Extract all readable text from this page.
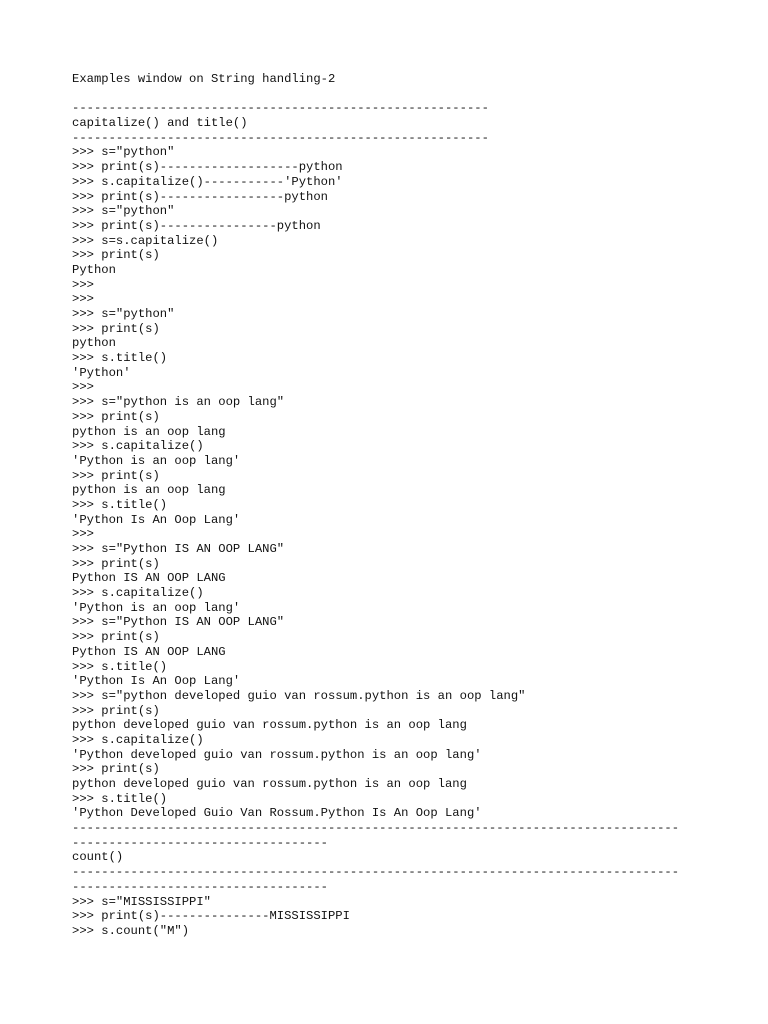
Examples window on String handling-2
---------------------------------------------------------
capitalize() and title()
---------------------------------------------------------
>>> s="python"
>>> print(s)-------------------python
>>> s.capitalize()-----------'Python'
>>> print(s)-----------------python
>>> s="python"
>>> print(s)----------------python
>>> s=s.capitalize()
>>> print(s)
Python
>>>
>>>
>>> s="python"
>>> print(s)
python
>>> s.title()
'Python'
>>>
>>> s="python is an oop lang"
>>> print(s)
python is an oop lang
>>> s.capitalize()
'Python is an oop lang'
>>> print(s)
python is an oop lang
>>> s.title()
'Python Is An Oop Lang'
>>>
>>> s="Python IS AN OOP LANG"
>>> print(s)
Python IS AN OOP LANG
>>> s.capitalize()
'Python is an oop lang'
>>> s="Python IS AN OOP LANG"
>>> print(s)
Python IS AN OOP LANG
>>> s.title()
'Python Is An Oop Lang'
>>> s="python developed guio van rossum.python is an oop lang"
>>> print(s)
python developed guio van rossum.python is an oop lang
>>> s.capitalize()
'Python developed guio van rossum.python is an oop lang'
>>> print(s)
python developed guio van rossum.python is an oop lang
>>> s.title()
'Python Developed Guio Van Rossum.Python Is An Oop Lang'
-----------------------------------------------------------------------------------
-----------------------------------
count()
-----------------------------------------------------------------------------------
-----------------------------------
>>> s="MISSISSIPPI"
>>> print(s)---------------MISSISSIPPI
>>> s.count("M")
